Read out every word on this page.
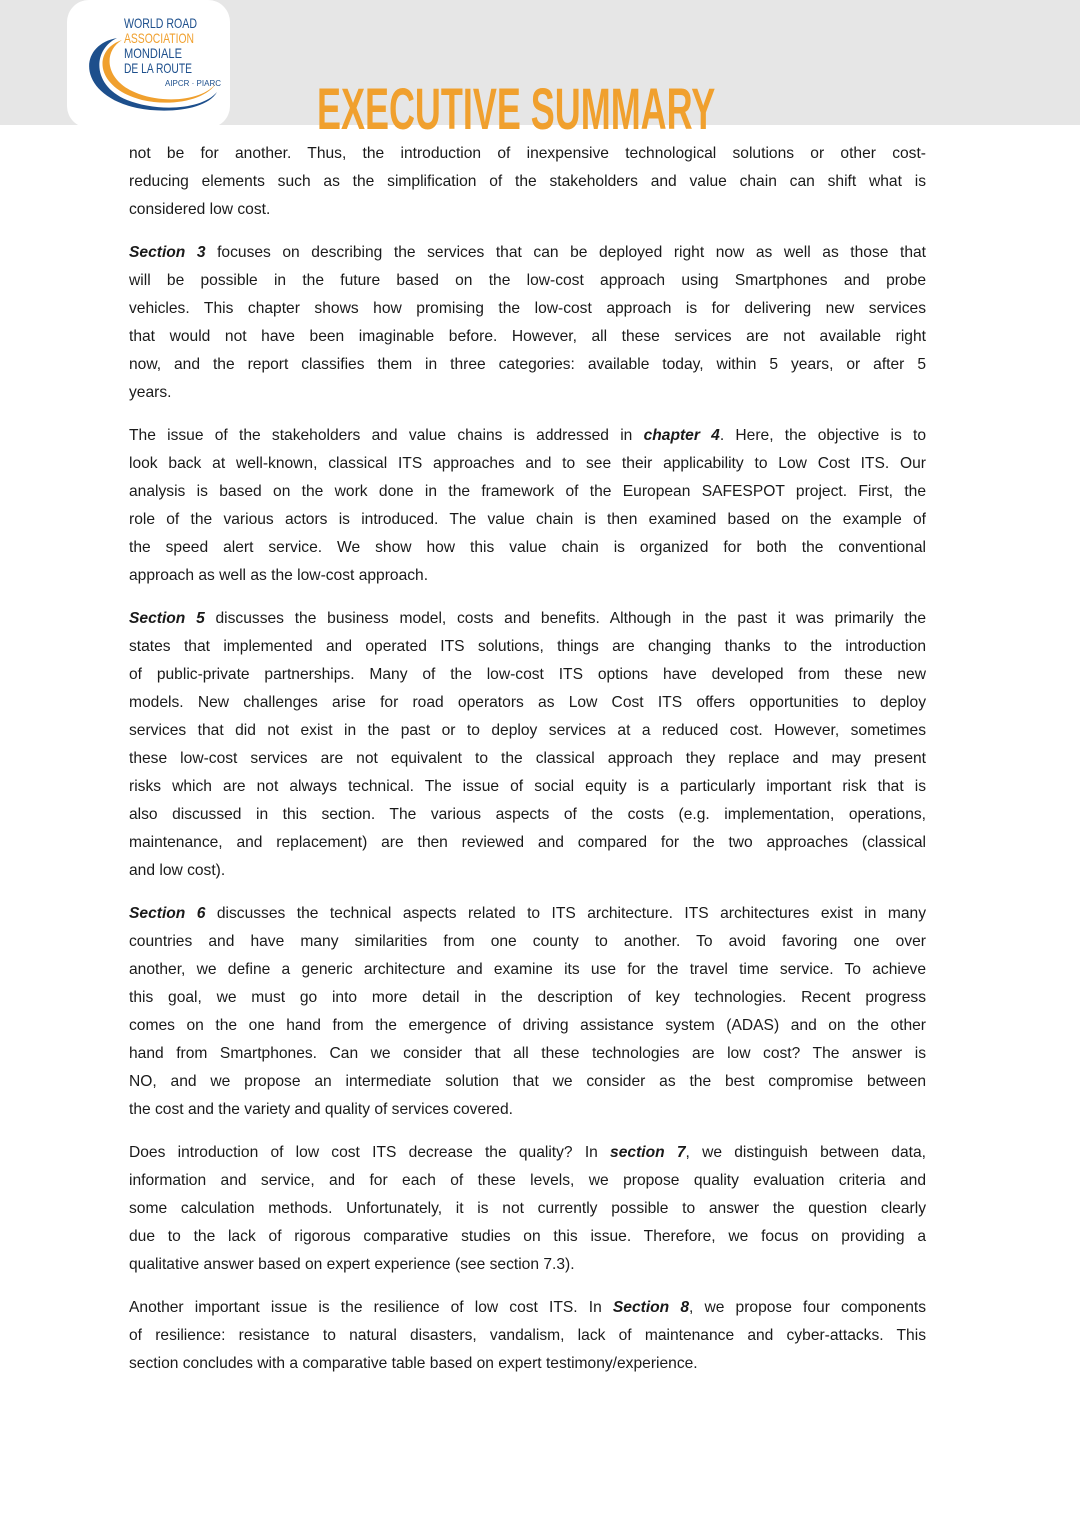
WORLD ROAD
ASSOCIATION
MONDIALE
DE LA ROUTE
AIPCR · PIARC EXECUTIVE SUMMARY
not be for another. Thus, the introduction of inexpensive technological solutions or other cost-
reducing elements such as the simplification of the stakeholders and value chain can shift what is
considered low cost.
Section 3 focuses on describing the services that can be deployed right now as well as those that
will be possible in the future based on the low-cost approach using Smartphones and probe
vehicles. This chapter shows how promising the low-cost approach is for delivering new services
that would not have been imaginable before. However, all these services are not available right
now, and the report classifies them in three categories: available today, within 5 years, or after 5
years.
The issue of the stakeholders and value chains is addressed in chapter 4. Here, the objective is to
look back at well-known, classical ITS approaches and to see their applicability to Low Cost ITS. Our
analysis is based on the work done in the framework of the European SAFESPOT project. First, the
role of the various actors is introduced. The value chain is then examined based on the example of
the speed alert service. We show how this value chain is organized for both the conventional
approach as well as the low-cost approach.
Section 5 discusses the business model, costs and benefits. Although in the past it was primarily the
states that implemented and operated ITS solutions, things are changing thanks to the introduction
of public-private partnerships. Many of the low-cost ITS options have developed from these new
models. New challenges arise for road operators as Low Cost ITS offers opportunities to deploy
services that did not exist in the past or to deploy services at a reduced cost. However, sometimes
these low-cost services are not equivalent to the classical approach they replace and may present
risks which are not always technical. The issue of social equity is a particularly important risk that is
also discussed in this section. The various aspects of the costs (e.g. implementation, operations,
maintenance, and replacement) are then reviewed and compared for the two approaches (classical
and low cost).
Section 6 discusses the technical aspects related to ITS architecture. ITS architectures exist in many
countries and have many similarities from one county to another. To avoid favoring one over
another, we define a generic architecture and examine its use for the travel time service. To achieve
this goal, we must go into more detail in the description of key technologies. Recent progress
comes on the one hand from the emergence of driving assistance system (ADAS) and on the other
hand from Smartphones. Can we consider that all these technologies are low cost? The answer is
NO, and we propose an intermediate solution that we consider as the best compromise between
the cost and the variety and quality of services covered.
Does introduction of low cost ITS decrease the quality? In section 7, we distinguish between data,
information and service, and for each of these levels, we propose quality evaluation criteria and
some calculation methods. Unfortunately, it is not currently possible to answer the question clearly
due to the lack of rigorous comparative studies on this issue. Therefore, we focus on providing a
qualitative answer based on expert experience (see section 7.3).
Another important issue is the resilience of low cost ITS. In Section 8, we propose four components
of resilience: resistance to natural disasters, vandalism, lack of maintenance and cyber-attacks. This
section concludes with a comparative table based on expert testimony/experience.
